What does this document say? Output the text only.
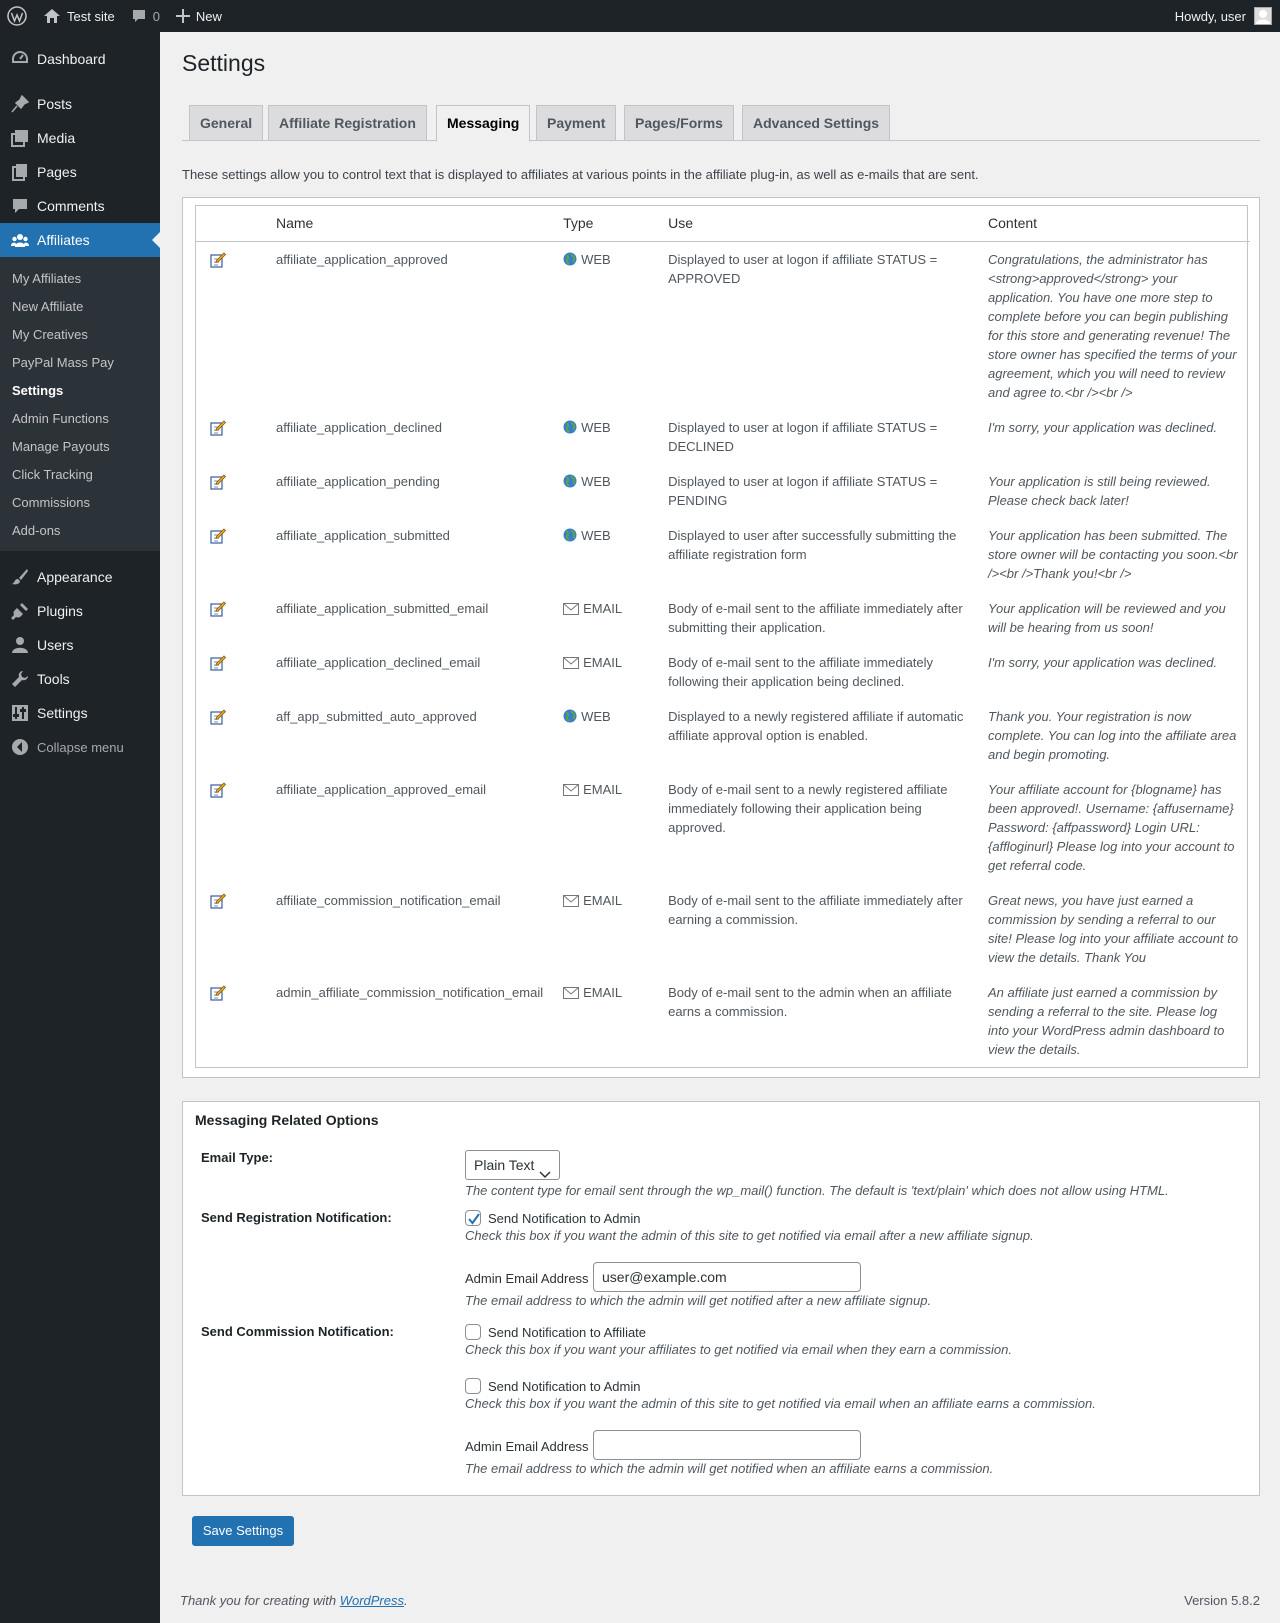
Test site	0	New	Howdy, user
Dashboard
Posts
Media
Pages
Comments
Affiliates
My Affiliates
New Affiliate
My Creatives
PayPal Mass Pay
Settings
Admin Functions
Manage Payouts
Click Tracking
Commissions
Add-ons
Appearance
Plugins
Users
Tools
Settings
Collapse menu
Settings
General	Affiliate Registration	Messaging	Payment	Pages/Forms	Advanced Settings
These settings allow you to control text that is displayed to affiliates at various points in the affiliate plug-in, as well as e-mails that are sent.
	Name	Type	Use	Content
	affiliate_application_approved	WEB	Displayed to user at logon if affiliate STATUS = APPROVED	Congratulations, the administrator has <strong>approved</strong> your application. You have one more step to complete before you can begin publishing for this store and generating revenue! The store owner has specified the terms of your agreement, which you will need to review and agree to.<br /><br />
	affiliate_application_declined	WEB	Displayed to user at logon if affiliate STATUS = DECLINED	I'm sorry, your application was declined.
	affiliate_application_pending	WEB	Displayed to user at logon if affiliate STATUS = PENDING	Your application is still being reviewed. Please check back later!
	affiliate_application_submitted	WEB	Displayed to user after successfully submitting the affiliate registration form	Your application has been submitted. The store owner will be contacting you soon.<br /><br />Thank you!<br />
	affiliate_application_submitted_email	EMAIL	Body of e-mail sent to the affiliate immediately after submitting their application.	Your application will be reviewed and you will be hearing from us soon!
	affiliate_application_declined_email	EMAIL	Body of e-mail sent to the affiliate immediately following their application being declined.	I'm sorry, your application was declined.
	aff_app_submitted_auto_approved	WEB	Displayed to a newly registered affiliate if automatic affiliate approval option is enabled.	Thank you. Your registration is now complete. You can log into the affiliate area and begin promoting.
	affiliate_application_approved_email	EMAIL	Body of e-mail sent to a newly registered affiliate immediately following their application being approved.	Your affiliate account for {blogname} has been approved!. Username: {affusername} Password: {affpassword} Login URL: {affloginurl} Please log into your account to get referral code.
	affiliate_commission_notification_email	EMAIL	Body of e-mail sent to the affiliate immediately after earning a commission.	Great news, you have just earned a commission by sending a referral to our site! Please log into your affiliate account to view the details. Thank You
	admin_affiliate_commission_notification_email	EMAIL	Body of e-mail sent to the admin when an affiliate earns a commission.	An affiliate just earned a commission by sending a referral to the site. Please log into your WordPress admin dashboard to view the details.
Messaging Related Options
Email Type:	Plain Text
The content type for email sent through the wp_mail() function. The default is 'text/plain' which does not allow using HTML.
Send Registration Notification:	Send Notification to Admin
Check this box if you want the admin of this site to get notified via email after a new affiliate signup.
Admin Email Address user@example.com
The email address to which the admin will get notified after a new affiliate signup.
Send Commission Notification:	Send Notification to Affiliate
Check this box if you want your affiliates to get notified via email when they earn a commission.
Send Notification to Admin
Check this box if you want the admin of this site to get notified via email when an affiliate earns a commission.
Admin Email Address
The email address to which the admin will get notified when an affiliate earns a commission.
Save Settings
Thank you for creating with WordPress.	Version 5.8.2
